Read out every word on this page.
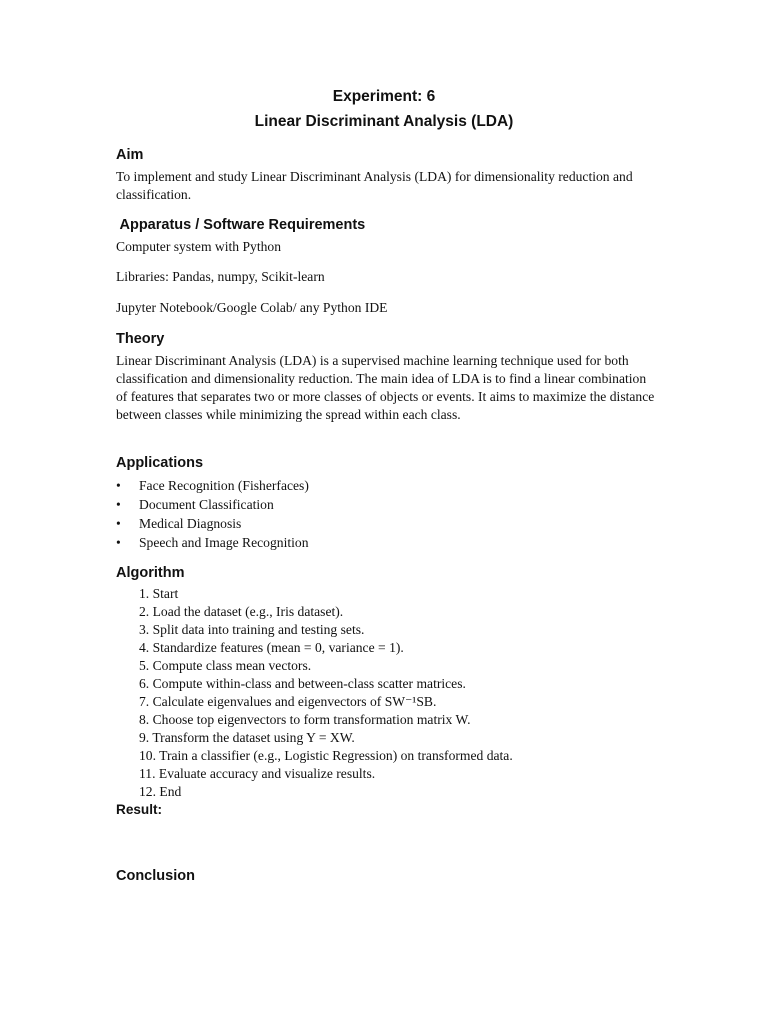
Experiment: 6
Linear Discriminant Analysis (LDA)
Aim
To implement and study Linear Discriminant Analysis (LDA) for dimensionality reduction and classification.
Apparatus / Software Requirements
Computer system with Python
Libraries: Pandas, numpy, Scikit-learn
Jupyter Notebook/Google Colab/ any Python IDE
Theory
Linear Discriminant Analysis (LDA) is a supervised machine learning technique used for both classification and dimensionality reduction. The main idea of LDA is to find a linear combination of features that separates two or more classes of objects or events. It aims to maximize the distance between classes while minimizing the spread within each class.
Applications
• Face Recognition (Fisherfaces)
• Document Classification
• Medical Diagnosis
• Speech and Image Recognition
Algorithm
1. Start
2. Load the dataset (e.g., Iris dataset).
3. Split data into training and testing sets.
4. Standardize features (mean = 0, variance = 1).
5. Compute class mean vectors.
6. Compute within-class and between-class scatter matrices.
7. Calculate eigenvalues and eigenvectors of SW⁻¹SB.
8. Choose top eigenvectors to form transformation matrix W.
9. Transform the dataset using Y = XW.
10. Train a classifier (e.g., Logistic Regression) on transformed data.
11. Evaluate accuracy and visualize results.
12. End
Result:
Conclusion
